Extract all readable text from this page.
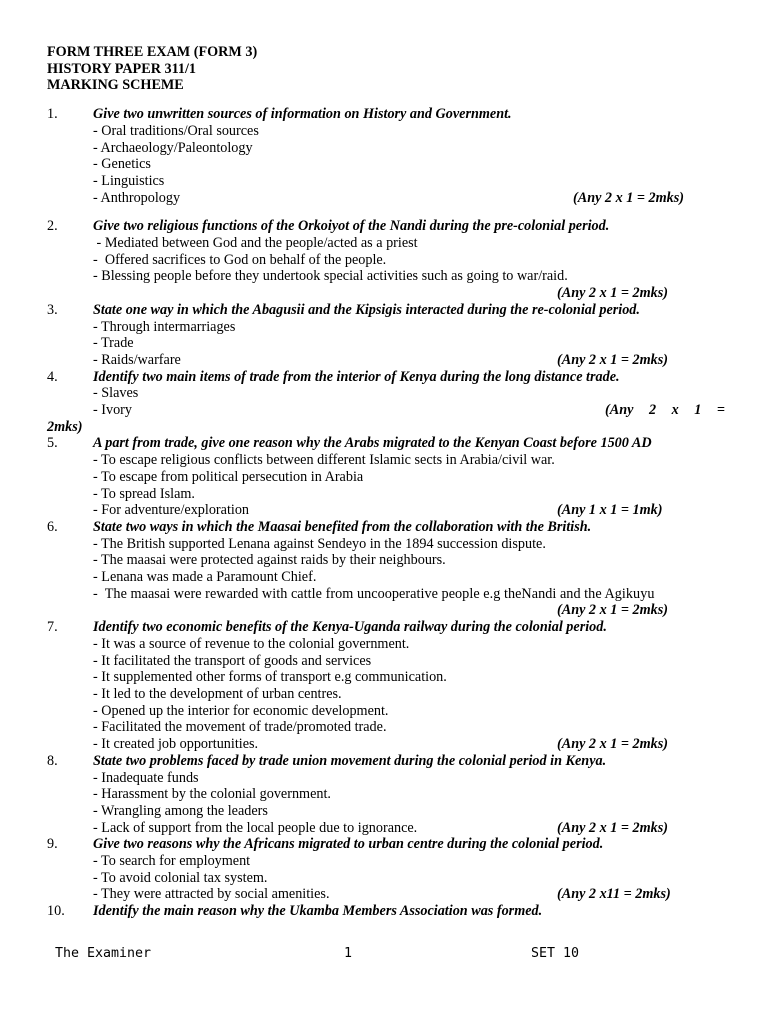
FORM THREE EXAM (FORM 3)
HISTORY PAPER 311/1
MARKING SCHEME
1.	Give two unwritten sources of information on History and Government.
- Oral traditions/Oral sources
- Archaeology/Paleontology
- Genetics
- Linguistics
- Anthropology	(Any 2 x 1 = 2mks)
2.	Give two religious functions of the Orkoiyot of the Nandi during the pre-colonial period.
- Mediated between God and the people/acted as a priest
-  Offered sacrifices to God on behalf of the people.
- Blessing people before they undertook special activities such as going to war/raid.
(Any 2 x 1 = 2mks)
3.	State one way in which the Abagusii and the Kipsigis interacted during the re-colonial period.
- Through intermarriages
- Trade
- Raids/warfare	(Any 2 x 1 = 2mks)
4.	Identify two main items of trade from the interior of Kenya during the long distance trade.
- Slaves
- Ivory	(Any 2 x 1 =
2mks)
5.	A part from trade, give one reason why the Arabs migrated to the Kenyan Coast before 1500 AD
- To escape religious conflicts between different Islamic sects in Arabia/civil war.
- To escape from political persecution in Arabia
- To spread Islam.
- For adventure/exploration	(Any 1 x 1 = 1mk)
6.	State two ways in which the Maasai benefited from the collaboration with the British.
- The British supported Lenana against Sendeyo in the 1894 succession dispute.
- The maasai were protected against raids by their neighbours.
- Lenana was made a Paramount Chief.
-  The maasai were rewarded with cattle from uncooperative people e.g theNandi and the Agikuyu
(Any 2 x 1 = 2mks)
7.	Identify two economic benefits of the Kenya-Uganda railway during the colonial period.
- It was a source of revenue to the colonial government.
- It facilitated the transport of goods and services
- It supplemented other forms of transport e.g communication.
- It led to the development of urban centres.
- Opened up the interior for economic development.
- Facilitated the movement of trade/promoted trade.
- It created job opportunities.	(Any 2 x 1 = 2mks)
8.	State two problems faced by trade union movement during the colonial period in Kenya.
- Inadequate funds
- Harassment by the colonial government.
- Wrangling among the leaders
- Lack of support from the local people due to ignorance.	(Any 2 x 1 = 2mks)
9.	Give two reasons why the Africans migrated to urban centre during the colonial period.
- To search for employment
- To avoid colonial tax system.
- They were attracted by social amenities.	(Any 2 x11 = 2mks)
10.	Identify the main reason why the Ukamba Members Association was formed.
The Examiner	1	SET 10
